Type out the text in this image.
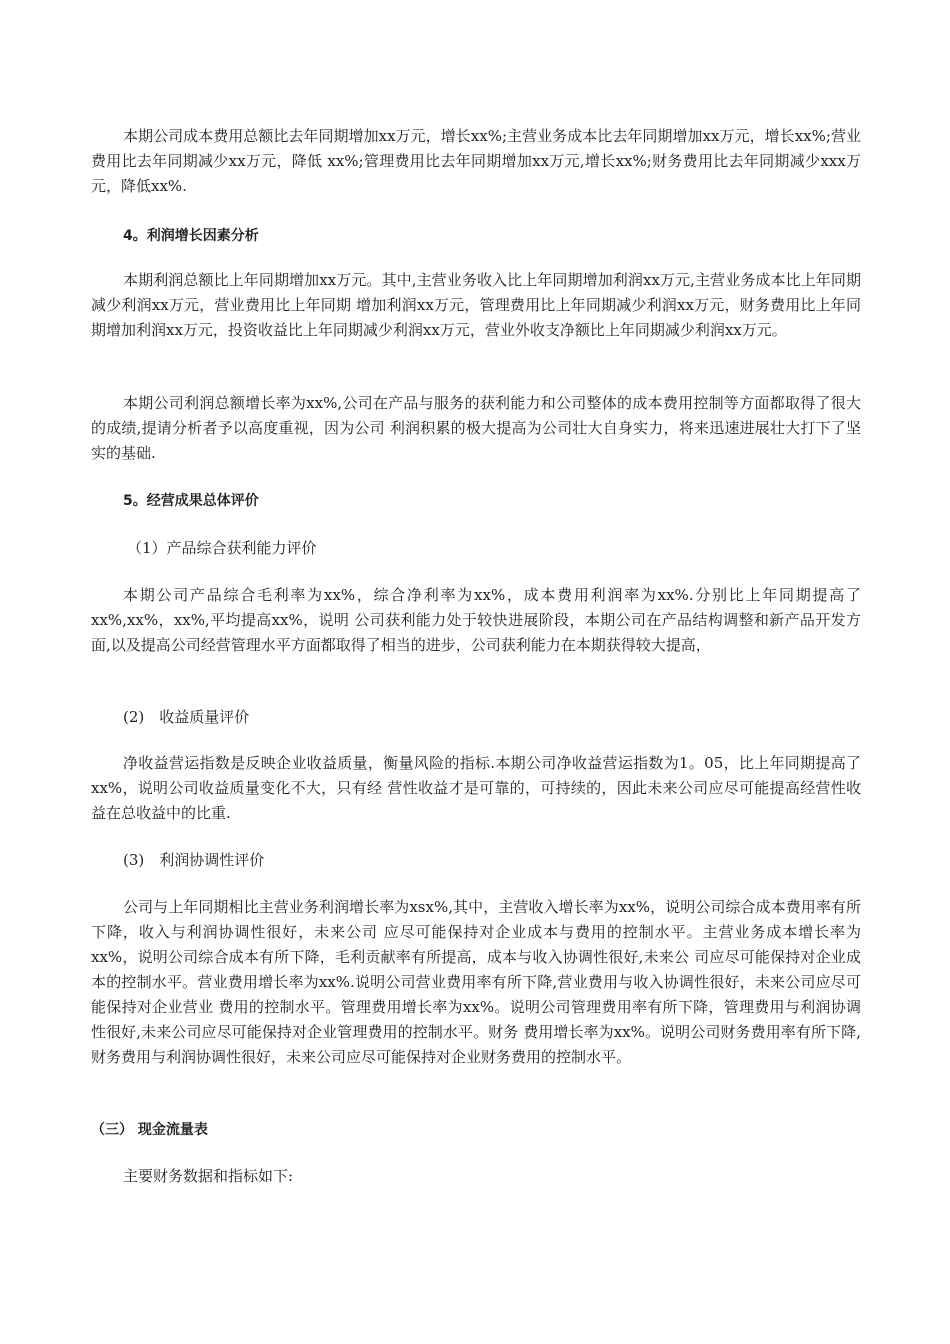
本期公司成本费用总额比去年同期增加xx万元，增长xx%;主营业务成本比去年同期增加xx万元，增长xx%;营业费用比去年同期减少xx万元，降低 xx%;管理费用比去年同期增加xx万元,增长xx%;财务费用比去年同期减少xxx万元，降低xx%.

4。利润增长因素分析

本期利润总额比上年同期增加xx万元。其中,主营业务收入比上年同期增加利润xx万元,主营业务成本比上年同期减少利润xx万元，营业费用比上年同期 增加利润xx万元，管理费用比上年同期减少利润xx万元，财务费用比上年同期增加利润xx万元，投资收益比上年同期减少利润xx万元，营业外收支净额比上年同期减少利润xx万元。

本期公司利润总额增长率为xx%,公司在产品与服务的获利能力和公司整体的成本费用控制等方面都取得了很大的成绩,提请分析者予以高度重视，因为公司 利润积累的极大提高为公司壮大自身实力，将来迅速进展壮大打下了坚实的基础.

5。经营成果总体评价

（1）产品综合获利能力评价

本期公司产品综合毛利率为xx%，综合净利率为xx%，成本费用利润率为xx%.分别比上年同期提高了xx%,xx%，xx%,平均提高xx%，说明 公司获利能力处于较快进展阶段，本期公司在产品结构调整和新产品开发方面,以及提高公司经营管理水平方面都取得了相当的进步，公司获利能力在本期获得较大提高，

(2)　收益质量评价

净收益营运指数是反映企业收益质量，衡量风险的指标.本期公司净收益营运指数为1。05，比上年同期提高了xx%，说明公司收益质量变化不大，只有经 营性收益才是可靠的，可持续的，因此未来公司应尽可能提高经营性收益在总收益中的比重.

(3)　利润协调性评价

公司与上年同期相比主营业务利润增长率为xsx%,其中，主营收入增长率为xx%，说明公司综合成本费用率有所下降，收入与利润协调性很好，未来公司 应尽可能保持对企业成本与费用的控制水平。主营业务成本增长率为xx%，说明公司综合成本有所下降，毛利贡献率有所提高，成本与收入协调性很好,未来公 司应尽可能保持对企业成本的控制水平。营业费用增长率为xx%.说明公司营业费用率有所下降,营业费用与收入协调性很好，未来公司应尽可能保持对企业营业 费用的控制水平。管理费用增长率为xx%。说明公司管理费用率有所下降，管理费用与利润协调性很好,未来公司应尽可能保持对企业管理费用的控制水平。财务 费用增长率为xx%。说明公司财务费用率有所下降,财务费用与利润协调性很好，未来公司应尽可能保持对企业财务费用的控制水平。

（三） 现金流量表

主要财务数据和指标如下:
